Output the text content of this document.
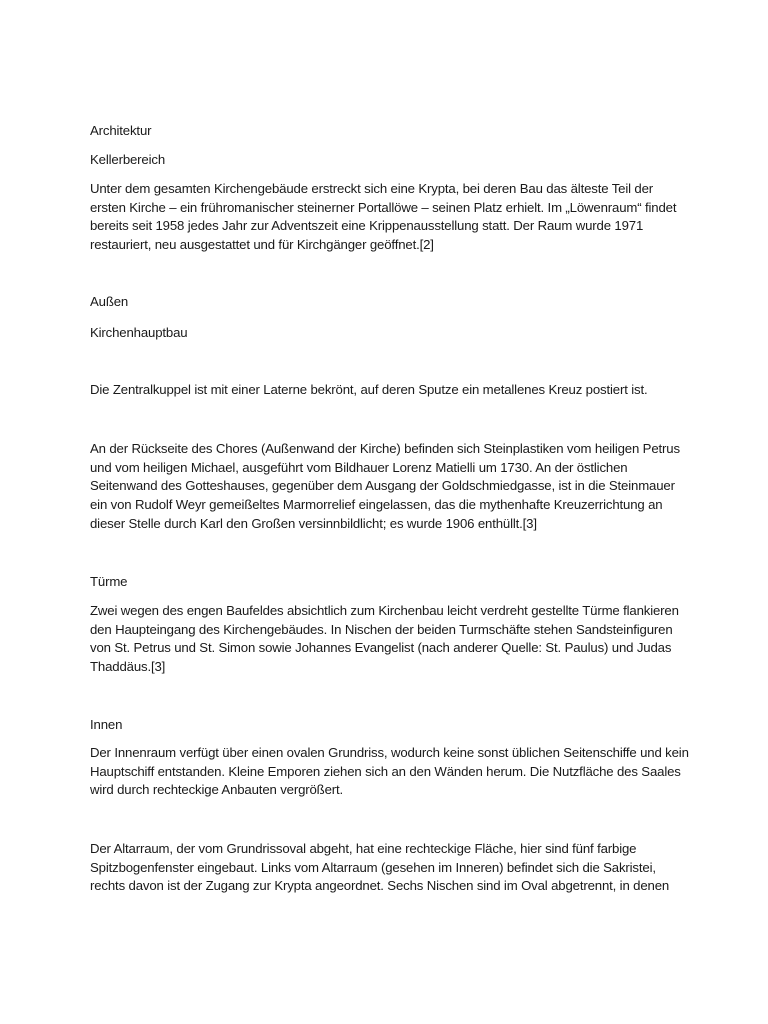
Architektur

Kellerbereich

Unter dem gesamten Kirchengebäude erstreckt sich eine Krypta, bei deren Bau das älteste Teil der ersten Kirche – ein frühromanischer steinerner Portallöwe – seinen Platz erhielt. Im „Löwenraum“ findet bereits seit 1958 jedes Jahr zur Adventszeit eine Krippenausstellung statt. Der Raum wurde 1971 restauriert, neu ausgestattet und für Kirchgänger geöffnet.[2]

Außen

Kirchenhauptbau

Die Zentralkuppel ist mit einer Laterne bekrönt, auf deren Sputze ein metallenes Kreuz postiert ist.

An der Rückseite des Chores (Außenwand der Kirche) befinden sich Steinplastiken vom heiligen Petrus und vom heiligen Michael, ausgeführt vom Bildhauer Lorenz Matielli um 1730. An der östlichen Seitenwand des Gotteshauses, gegenüber dem Ausgang der Goldschmiedgasse, ist in die Steinmauer ein von Rudolf Weyr gemeißeltes Marmorrelief eingelassen, das die mythenhafte Kreuzerrichtung an dieser Stelle durch Karl den Großen versinnbildlicht; es wurde 1906 enthüllt.[3]

Türme

Zwei wegen des engen Baufeldes absichtlich zum Kirchenbau leicht verdreht gestellte Türme flankieren den Haupteingang des Kirchengebäudes. In Nischen der beiden Turmschäfte stehen Sandsteinfiguren von St. Petrus und St. Simon sowie Johannes Evangelist (nach anderer Quelle: St. Paulus) und Judas Thaddäus.[3]

Innen

Der Innenraum verfügt über einen ovalen Grundriss, wodurch keine sonst üblichen Seitenschiffe und kein Hauptschiff entstanden. Kleine Emporen ziehen sich an den Wänden herum. Die Nutzfläche des Saales wird durch rechteckige Anbauten vergrößert.

Der Altarraum, der vom Grundrissoval abgeht, hat eine rechteckige Fläche, hier sind fünf farbige Spitzbogenfenster eingebaut. Links vom Altarraum (gesehen im Inneren) befindet sich die Sakristei, rechts davon ist der Zugang zur Krypta angeordnet. Sechs Nischen sind im Oval abgetrennt, in denen
